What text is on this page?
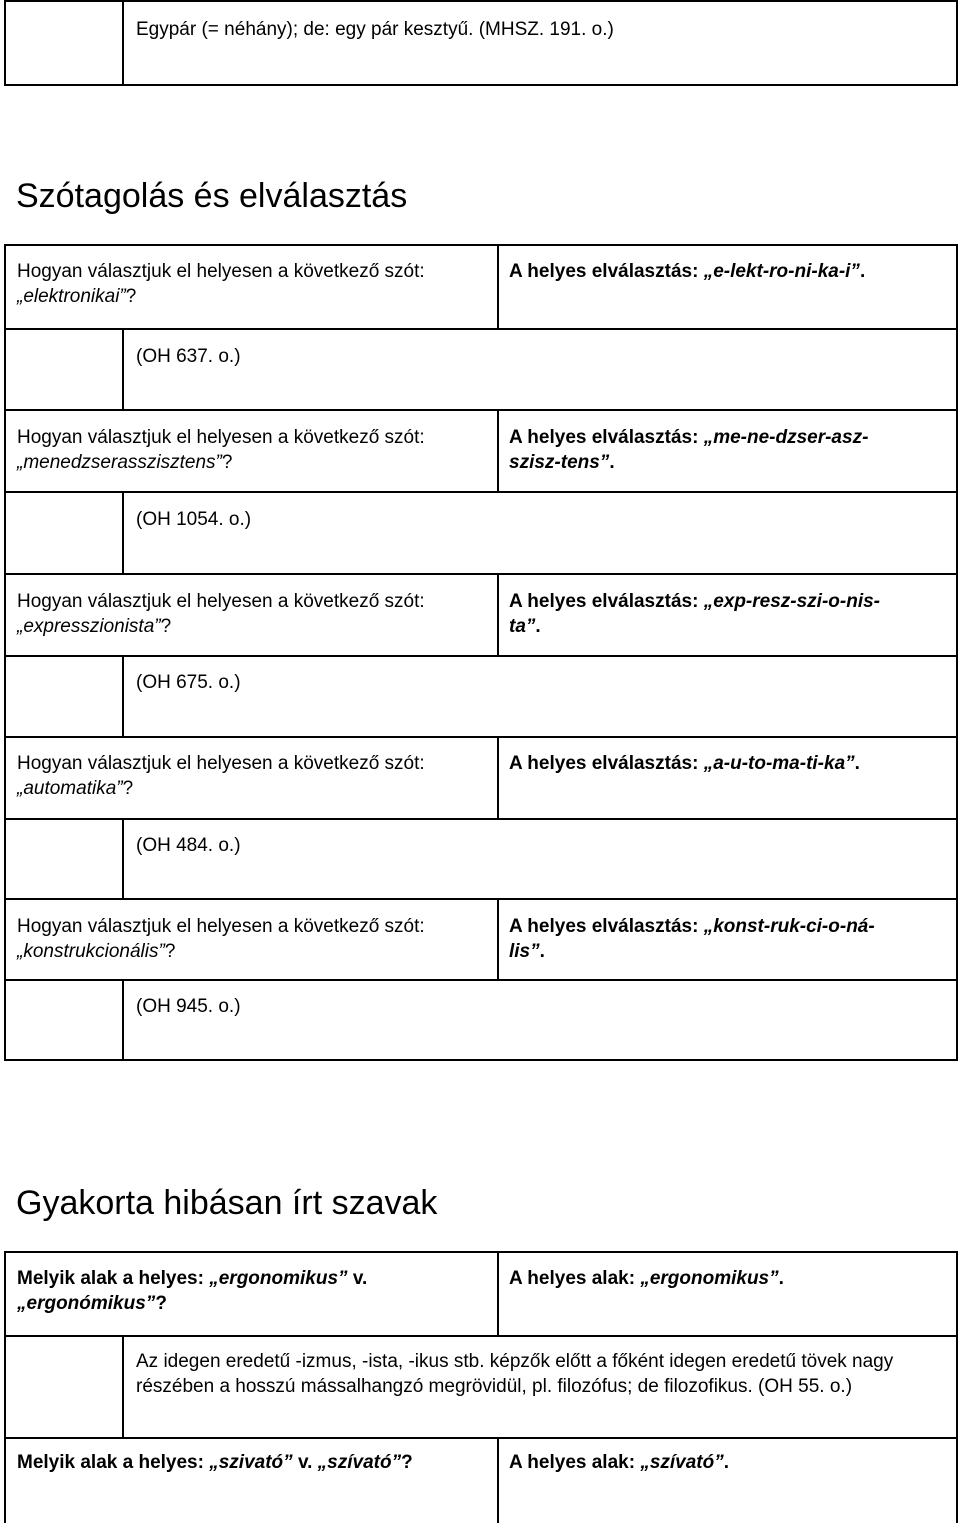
Egypár (= néhány); de: egy pár kesztyű. (MHSZ. 191. o.)
Szótagolás és elválasztás
Hogyan választjuk el helyesen a következő szót: „elektronikai”?
A helyes elválasztás: „e-lekt-ro-ni-ka-i”.
(OH 637. o.)
Hogyan választjuk el helyesen a következő szót: „menedzserasszisztens”?
A helyes elválasztás: „me-ne-dzser-asz-
szisz-tens”.
(OH 1054. o.)
Hogyan választjuk el helyesen a következő szót: „expresszionista”?
A helyes elválasztás: „exp-resz-szi-o-nis-
ta”.
(OH 675. o.)
Hogyan választjuk el helyesen a következő szót: „automatika”?
A helyes elválasztás: „a-u-to-ma-ti-ka”.
(OH 484. o.)
Hogyan választjuk el helyesen a következő szót: „konstrukcionális”?
A helyes elválasztás: „konst-ruk-ci-o-ná-
lis”.
(OH 945. o.)
Gyakorta hibásan írt szavak
Melyik alak a helyes: „ergonomikus” v.
„ergonómikus”?
A helyes alak: „ergonomikus”.
Az idegen eredetű -izmus, -ista, -ikus stb. képzők előtt a főként idegen eredetű tövek nagy részében a hosszú mássalhangzó megrövidül, pl. filozófus; de filozofikus. (OH 55. o.)
Melyik alak a helyes: „szivató” v. „szívató”?	A helyes alak: „szívató”.
